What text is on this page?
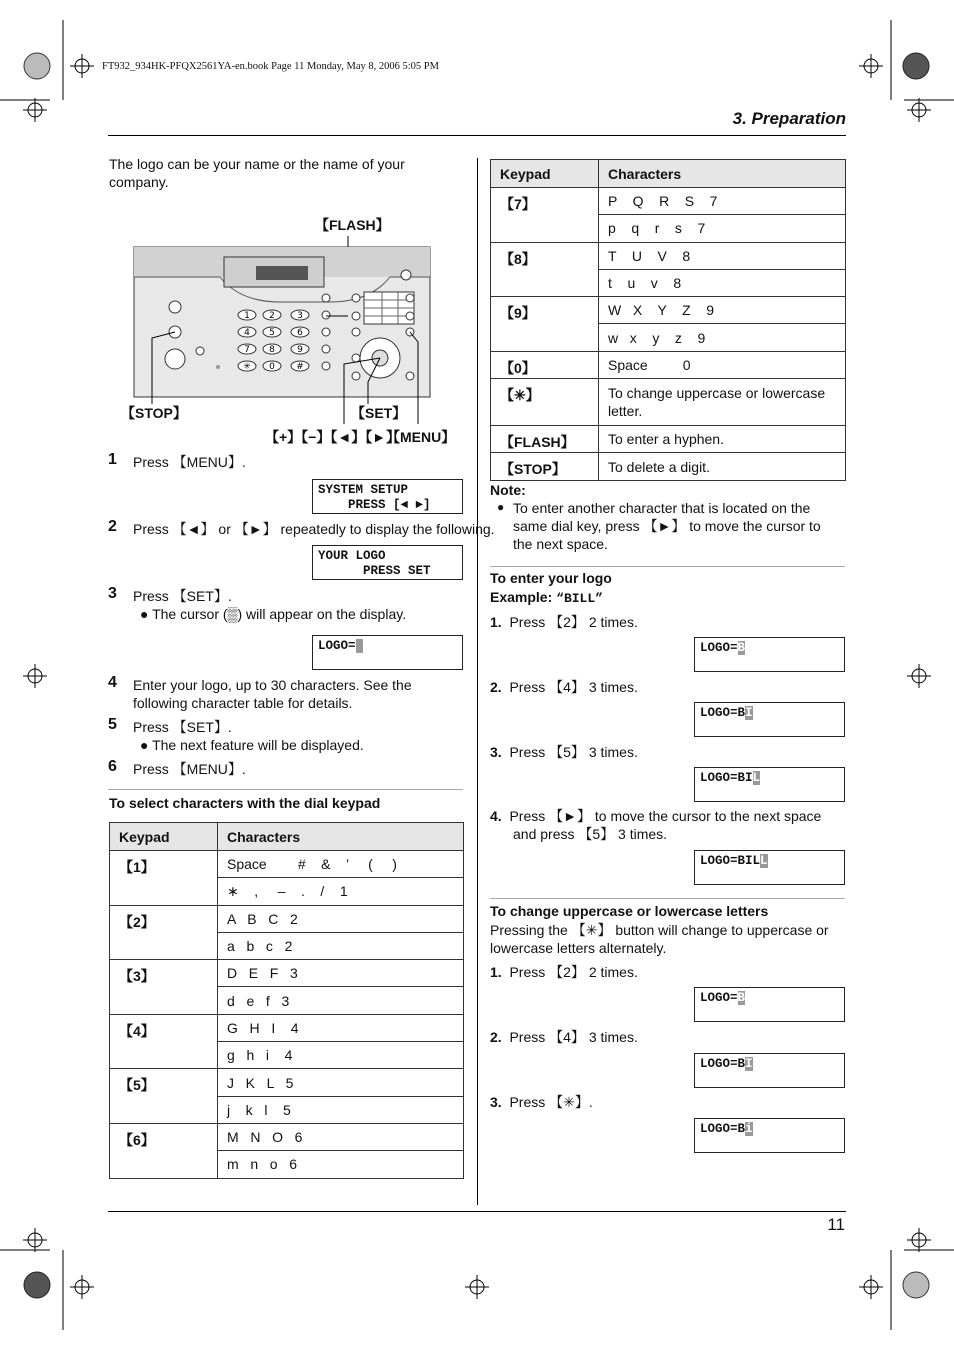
FT932_934HK-PFQX2561YA-en.book Page 11 Monday, May 8, 2006 5:05 PM
3. Preparation
The logo can be your name or the name of your company.
【FLASH】
1 2 3
4 5 6
7 8 9
✳ 0 #
【STOP】	【SET】
【+】【−】【◄】【►】
【MENU】
1 Press 【MENU】.
SYSTEM SETUP
PRESS [◄ ►]
2 Press 【◄】 or 【►】 repeatedly to display the following.
YOUR LOGO
PRESS SET
3 Press 【SET】.
● The cursor (▒) will appear on the display.
LOGO=
4 Enter your logo, up to 30 characters. See the following character table for details.
5 Press 【SET】.
● The next feature will be displayed.
6 Press 【MENU】.
To select characters with the dial keypad
Keypad	Characters
【1】	Space        #    &    ’     (     )
	∗    ,     –    .    /    1
【2】	A   B   C   2
	a   b   c   2
【3】	D   E   F   3
	d   e   f   3
【4】	G   H   I    4
	g   h   i    4
【5】	J   K   L   5
	j    k   l    5
【6】	M   N   O   6
	m   n   o   6
Keypad	Characters
【7】	P    Q    R    S    7
	p    q    r    s    7
【8】	T    U    V    8
	t    u    v    8
【9】	W   X    Y    Z    9
	w   x    y    z    9
【0】	Space         0
【✳】	To change uppercase or lowercase letter.
【FLASH】	To enter a hyphen.
【STOP】	To delete a digit.
Note:
● To enter another character that is located on the same dial key, press 【►】 to move the cursor to the next space.
To enter your logo
Example: “BILL”
1. Press 【2】 2 times.
LOGO=B
2. Press 【4】 3 times.
LOGO=BI
3. Press 【5】 3 times.
LOGO=BIL
4. Press 【►】 to move the cursor to the next space and press 【5】 3 times.
LOGO=BILL
To change uppercase or lowercase letters
Pressing the 【✳】 button will change to uppercase or lowercase letters alternately.
1. Press 【2】 2 times.
LOGO=B
2. Press 【4】 3 times.
LOGO=BI
3. Press 【✳】.
LOGO=Bi
11
